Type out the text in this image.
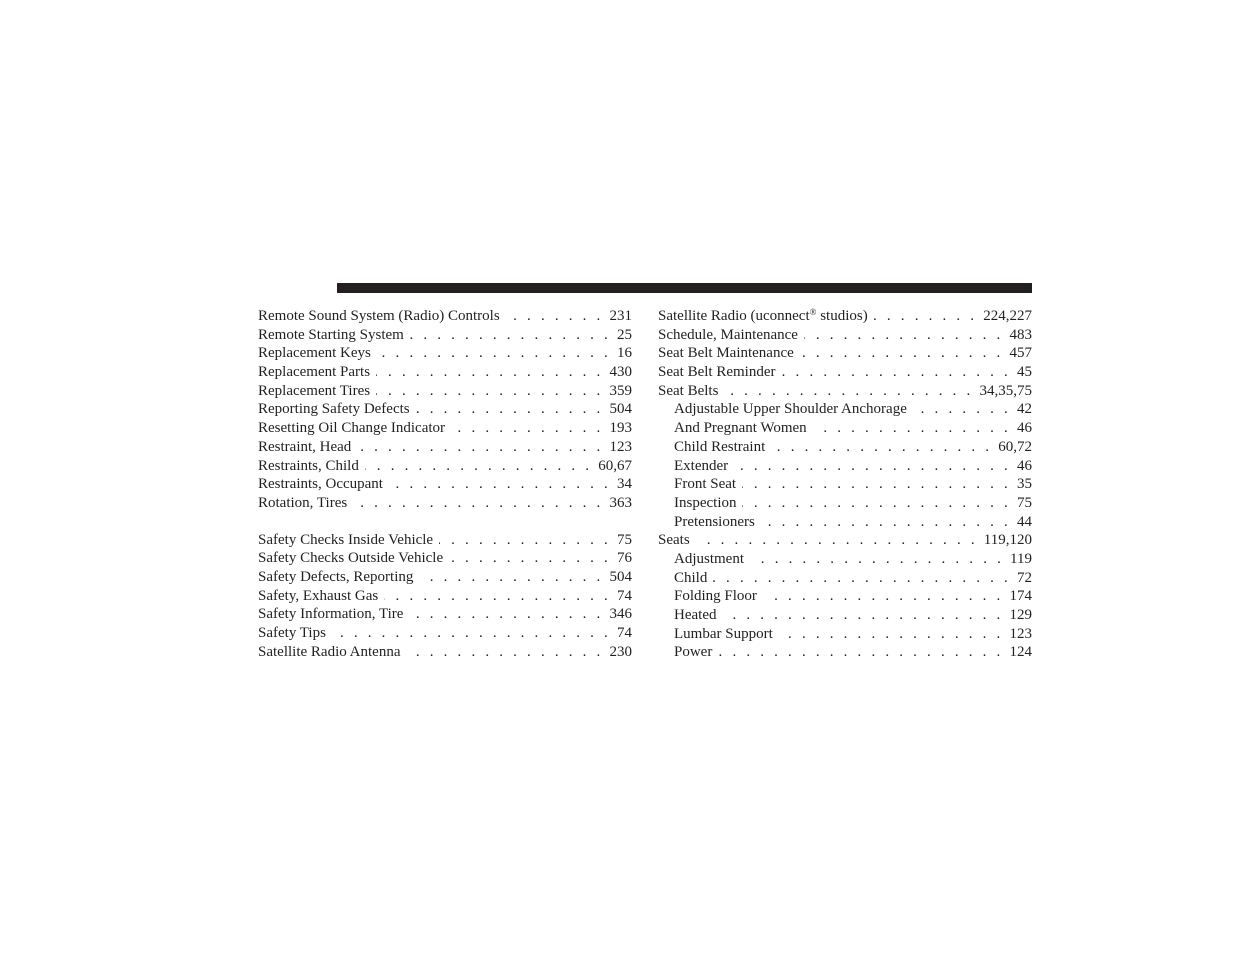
Remote Sound System (Radio) Controls . . .	231
Remote Starting System . . .	25
Replacement Keys . . .	16
Replacement Parts . . .	430
Replacement Tires . . .	359
Reporting Safety Defects . . .	504
Resetting Oil Change Indicator . . .	193
Restraint, Head . . .	123
Restraints, Child . . .	60,67
Restraints, Occupant . . .	34
Rotation, Tires . . .	363
Safety Checks Inside Vehicle . . .	75
Safety Checks Outside Vehicle . . .	76
Safety Defects, Reporting . . .	504
Safety, Exhaust Gas . . .	74
Safety Information, Tire . . .	346
Safety Tips . . .	74
Satellite Radio Antenna . . .	230
Satellite Radio (uconnect® studios) . . .	224,227
Schedule, Maintenance . . .	483
Seat Belt Maintenance . . .	457
Seat Belt Reminder . . .	45
Seat Belts . . .	34,35,75
Adjustable Upper Shoulder Anchorage . . .	42
And Pregnant Women . . .	46
Child Restraint . . .	60,72
Extender . . .	46
Front Seat . . .	35
Inspection . . .	75
Pretensioners . . .	44
Seats . . .	119,120
Adjustment . . .	119
Child . . .	72
Folding Floor . . .	174
Heated . . .	129
Lumbar Support . . .	123
Power . . .	124
